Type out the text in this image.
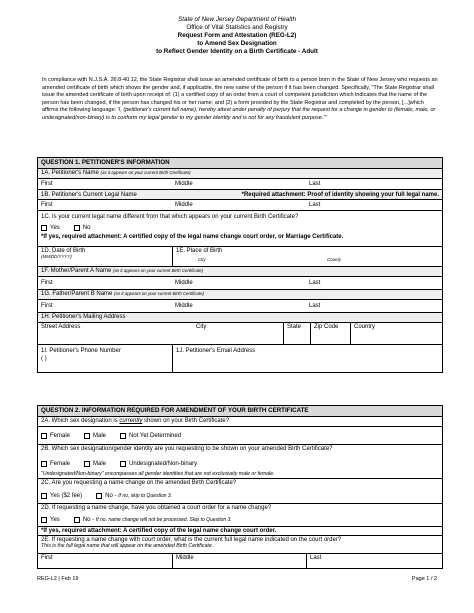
State of New Jersey Department of Health
Office of Vital Statistics and Registry
Request Form and Attestation (REG-L2)
to Amend Sex Designation
to Reflect Gender Identity on a Birth Certificate - Adult
In compliance with N.J.S.A. 26:8-40.12, the State Registrar shall issue an amended certificate of birth to a person born in the State of New Jersey who requests an amended certificate of birth which shows the gender and, if applicable, the new name of the person if it has been changed. Specifically, "The State Registrar shall issue the amended certificate of birth upon receipt of: (1) a certified copy of an order from a court of competent jurisdiction which indicates that the name of the person has been changed, if the person has changed his or her name; and (2) a form provided by the State Registrar and completed by the person, [...]which affirms the following language: 'I, (petitioner's current full name), hereby attest under penalty of perjury that the request for a change in gender to (female, male, or undesignated/non-binary) is to conform my legal gender to my gender identity and is not for any fraudulent purpose.'"
QUESTION 1. PETITIONER'S INFORMATION
1A. Petitioner's Name (as it appears on your current Birth Certificate)
First	Middle	Last
1B. Petitioner's Current Legal Name	*Required attachment: Proof of identity showing your full legal name.
First	Middle	Last
1C. Is your current legal name different from that which appears on your current Birth Certificate?
Yes	No
*If yes, required attachment: A certified copy of the legal name change court order, or Marriage Certificate.
1D. Date of Birth
(MM/DD/YYYY)
1E. Place of Birth
City	County
1F. Mother/Parent A Name (as it appears on your current Birth Certificate)
First	Middle	Last
1G. Father/Parent B Name (as it appears on your current Birth Certificate)
First	Middle	Last
1H. Petitioner's Mailing Address
Street Address	City	State	Zip Code	Country
1I. Petitioner's Phone Number
( )
1J. Petitioner's Email Address
QUESTION 2. INFORMATION REQUIRED FOR AMENDMENT OF YOUR BIRTH CERTIFICATE
2A. Which sex designation is currently shown on your Birth Certificate?
Female	Male	Not Yet Determined
2B. Which sex designation/gender identity are you requesting to be shown on your amended Birth Certificate?
Female	Male	Undesignated/Non-binary
"Undesignated/Non-binary" encompasses all gender identities that are not exclusively male or female.
2C. Are you requesting a name change on the amended Birth Certificate?
Yes ($2 fee)	No -
If no, skip to Question 3.
2D. If requesting a name change, have you obtained a court order for a name change?
Yes	No -
If no, name change will not be processed. Skip to Question 3.
*If yes, required attachment: A certified copy of the legal name change court order.
2E. If requesting a name change with court order, what is the current full legal name indicated on the court order?
This is the full legal name that will appear on the amended Birth Certificate.
First	Middle	Last
REG-L2 | Feb 19	Page 1 / 2
